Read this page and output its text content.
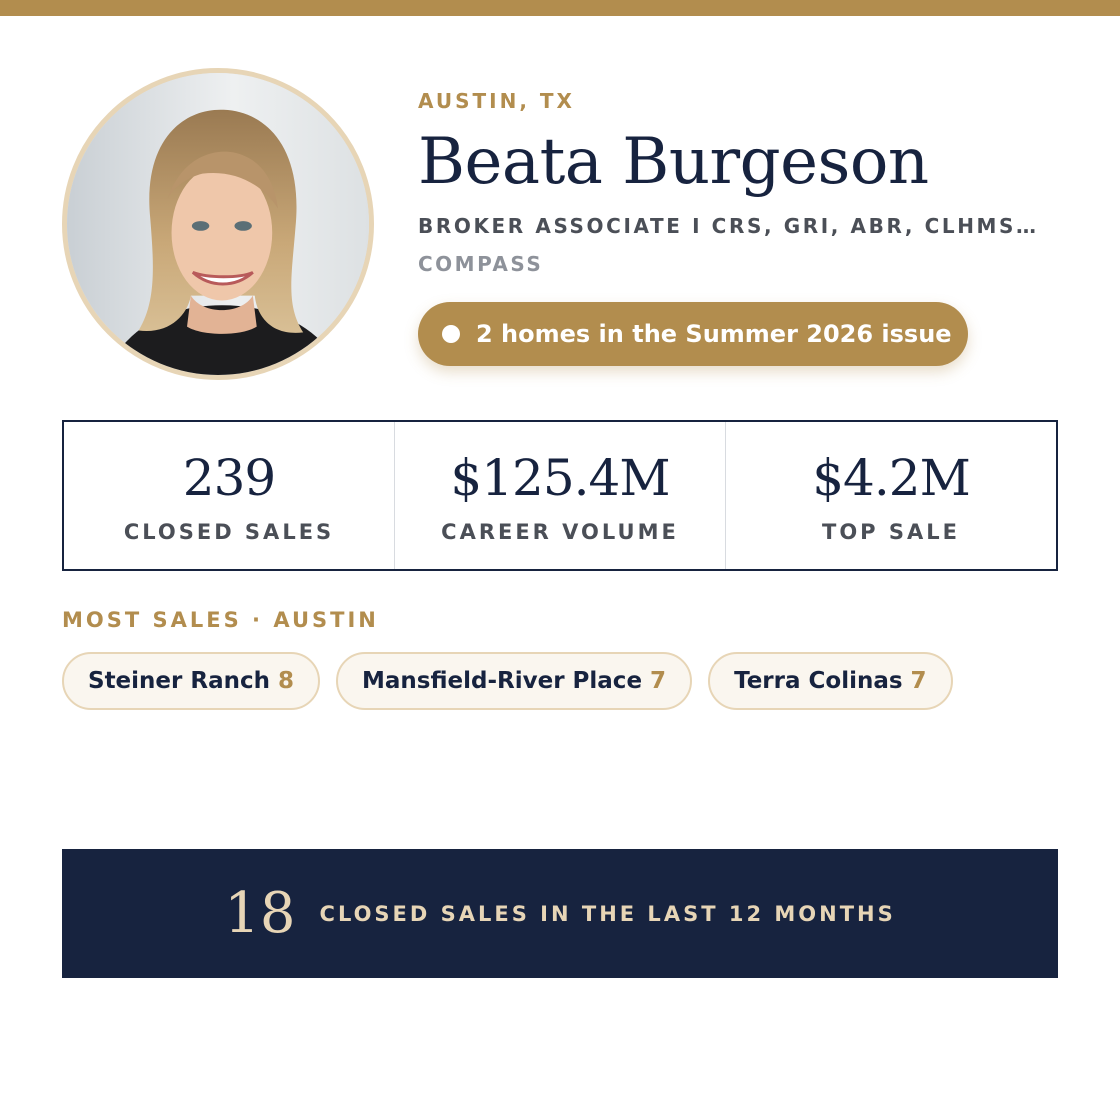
AUSTIN, TX
Beata Burgeson
BROKER ASSOCIATE I CRS, GRI, ABR, CLHMS…
COMPASS
2 homes in the Summer 2026 issue
239
CLOSED SALES
$125.4M
CAREER VOLUME
$4.2M
TOP SALE
MOST SALES · AUSTIN
Steiner Ranch 8	Mansfield-River Place 7	Terra Colinas 7
18 CLOSED SALES IN THE LAST 12 MONTHS
